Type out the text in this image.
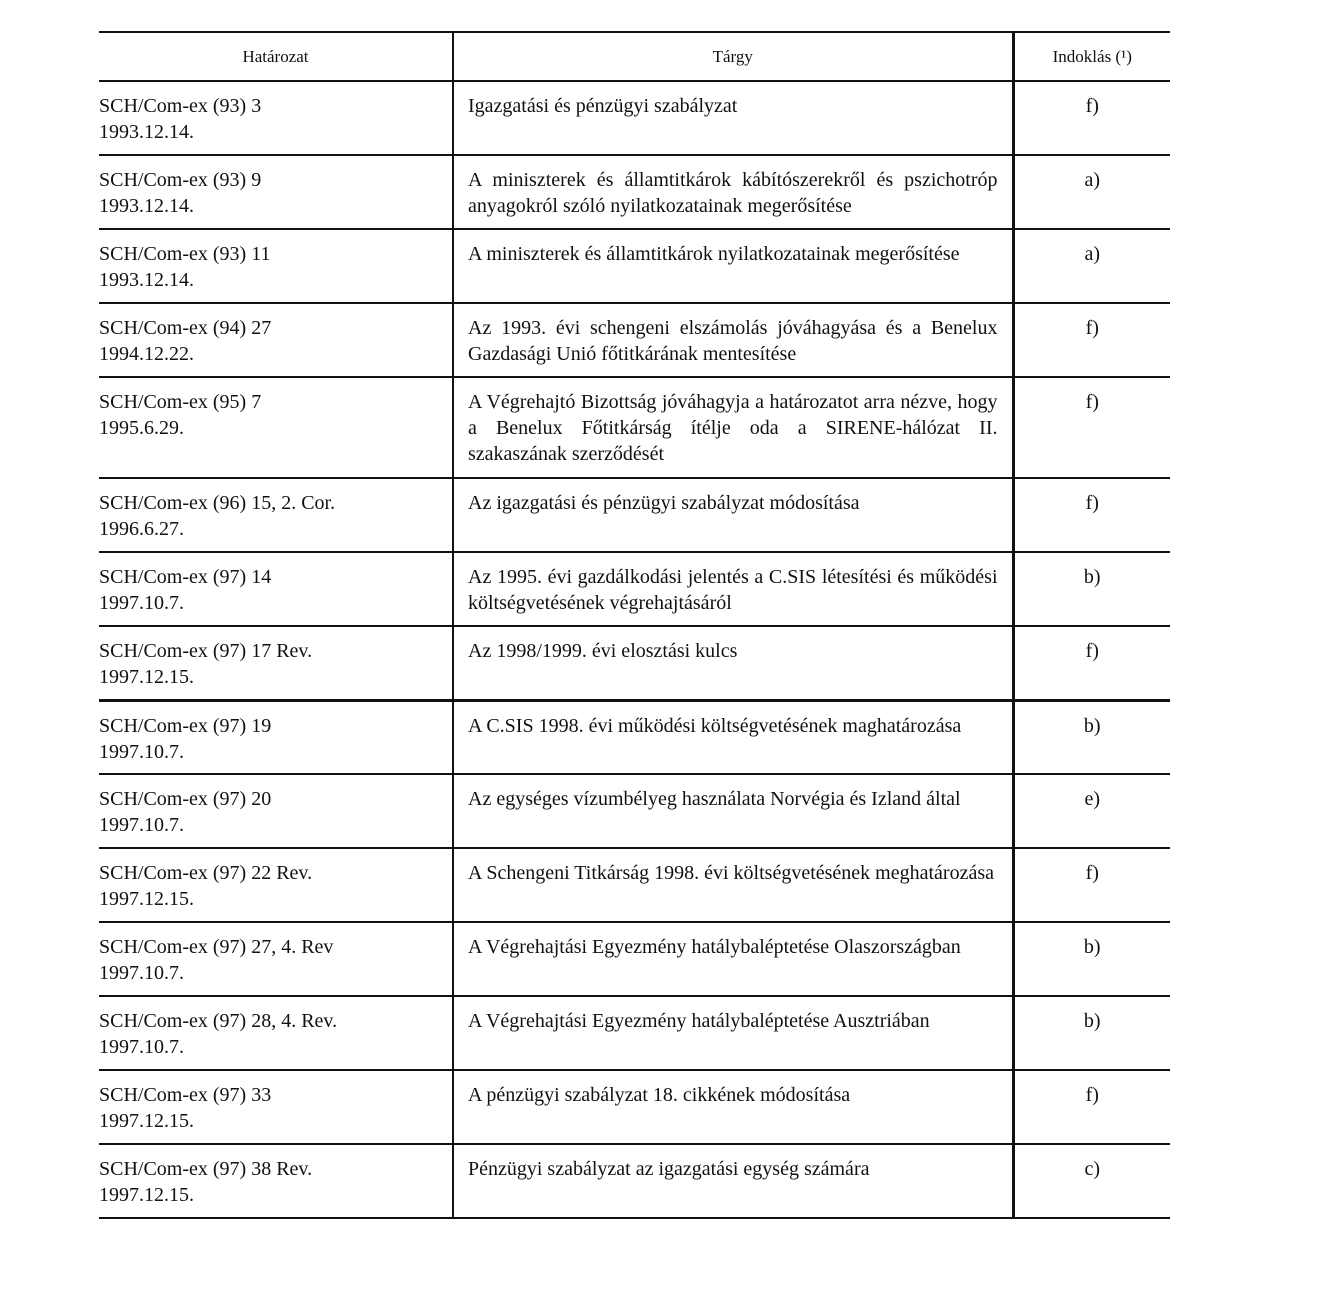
Határozat	Tárgy	Indoklás (¹)

SCH/Com-ex (93) 3
1993.12.14.	Igazgatási és pénzügyi szabályzat	f)

SCH/Com-ex (93) 9
1993.12.14.	A miniszterek és államtitkárok kábítószerekről és pszichotróp anyagokról szóló nyilatkozatainak megerősítése	a)

SCH/Com-ex (93) 11
1993.12.14.	A miniszterek és államtitkárok nyilatkozatainak megerősítése	a)

SCH/Com-ex (94) 27
1994.12.22.	Az 1993. évi schengeni elszámolás jóváhagyása és a Benelux Gazdasági Unió főtitkárának mentesítése	f)

SCH/Com-ex (95) 7
1995.6.29.	A Végrehajtó Bizottság jóváhagyja a határozatot arra nézve, hogy a Benelux Főtitkárság ítélje oda a SIRENE-hálózat II. szakaszának szerződését	f)

SCH/Com-ex (96) 15, 2. Cor.
1996.6.27.	Az igazgatási és pénzügyi szabályzat módosítása	f)

SCH/Com-ex (97) 14
1997.10.7.	Az 1995. évi gazdálkodási jelentés a C.SIS létesítési és működési költségvetésének végrehajtásáról	b)

SCH/Com-ex (97) 17 Rev.
1997.12.15.	Az 1998/1999. évi elosztási kulcs	f)

SCH/Com-ex (97) 19
1997.10.7.	A C.SIS 1998. évi működési költségvetésének maghatározása	b)

SCH/Com-ex (97) 20
1997.10.7.	Az egységes vízumbélyeg használata Norvégia és Izland által	e)

SCH/Com-ex (97) 22 Rev.
1997.12.15.	A Schengeni Titkárság 1998. évi költségvetésének meghatározása	f)

SCH/Com-ex (97) 27, 4. Rev
1997.10.7.	A Végrehajtási Egyezmény hatálybaléptetése Olaszországban	b)

SCH/Com-ex (97) 28, 4. Rev.
1997.10.7.	A Végrehajtási Egyezmény hatálybaléptetése Ausztriában	b)

SCH/Com-ex (97) 33
1997.12.15.	A pénzügyi szabályzat 18. cikkének módosítása	f)

SCH/Com-ex (97) 38 Rev.
1997.12.15.	Pénzügyi szabályzat az igazgatási egység számára	c)
